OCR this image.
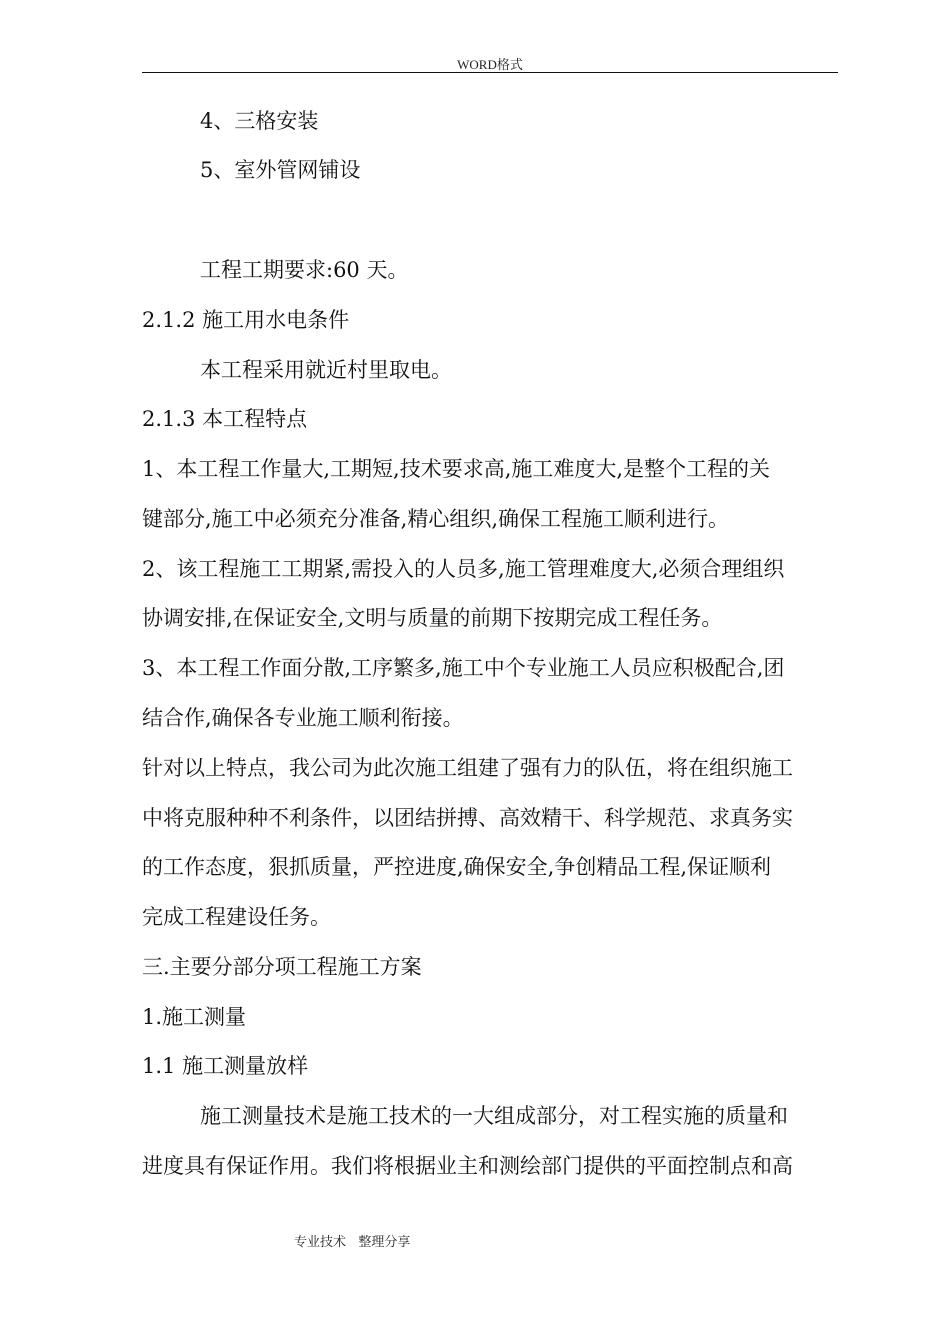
WORD格式
4、三格安装
5、室外管网铺设
工程工期要求:60 天。
2.1.2 施工用水电条件
本工程采用就近村里取电。
2.1.3 本工程特点
1、本工程工作量大,工期短,技术要求高,施工难度大,是整个工程的关
键部分,施工中必须充分准备,精心组织,确保工程施工顺利进行。
2、该工程施工工期紧,需投入的人员多,施工管理难度大,必须合理组织
协调安排,在保证安全,文明与质量的前期下按期完成工程任务。
3、本工程工作面分散,工序繁多,施工中个专业施工人员应积极配合,团
结合作,确保各专业施工顺利衔接。
针对以上特点，我公司为此次施工组建了强有力的队伍，将在组织施工
中将克服种种不利条件，以团结拼搏、高效精干、科学规范、求真务实
的工作态度，狠抓质量，严控进度,确保安全,争创精品工程,保证顺利
完成工程建设任务。
三.主要分部分项工程施工方案
1.施工测量
1.1 施工测量放样
施工测量技术是施工技术的一大组成部分，对工程实施的质量和
进度具有保证作用。我们将根据业主和测绘部门提供的平面控制点和高
专业技术   整理分享
